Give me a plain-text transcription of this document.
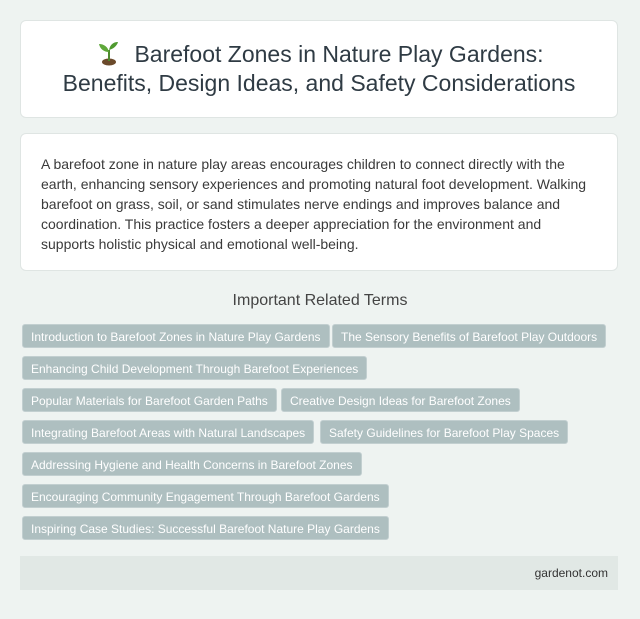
Barefoot Zones in Nature Play Gardens:
Benefits, Design Ideas, and Safety Considerations

A barefoot zone in nature play areas encourages children to connect directly with the earth, enhancing sensory experiences and promoting natural foot development. Walking barefoot on grass, soil, or sand stimulates nerve endings and improves balance and coordination. This practice fosters a deeper appreciation for the environment and supports holistic physical and emotional well-being.

Important Related Terms
Introduction to Barefoot Zones in Nature Play Gardens	The Sensory Benefits of Barefoot Play Outdoors
Enhancing Child Development Through Barefoot Experiences
Popular Materials for Barefoot Garden Paths	Creative Design Ideas for Barefoot Zones
Integrating Barefoot Areas with Natural Landscapes	Safety Guidelines for Barefoot Play Spaces
Addressing Hygiene and Health Concerns in Barefoot Zones
Encouraging Community Engagement Through Barefoot Gardens
Inspiring Case Studies: Successful Barefoot Nature Play Gardens
gardenot.com
